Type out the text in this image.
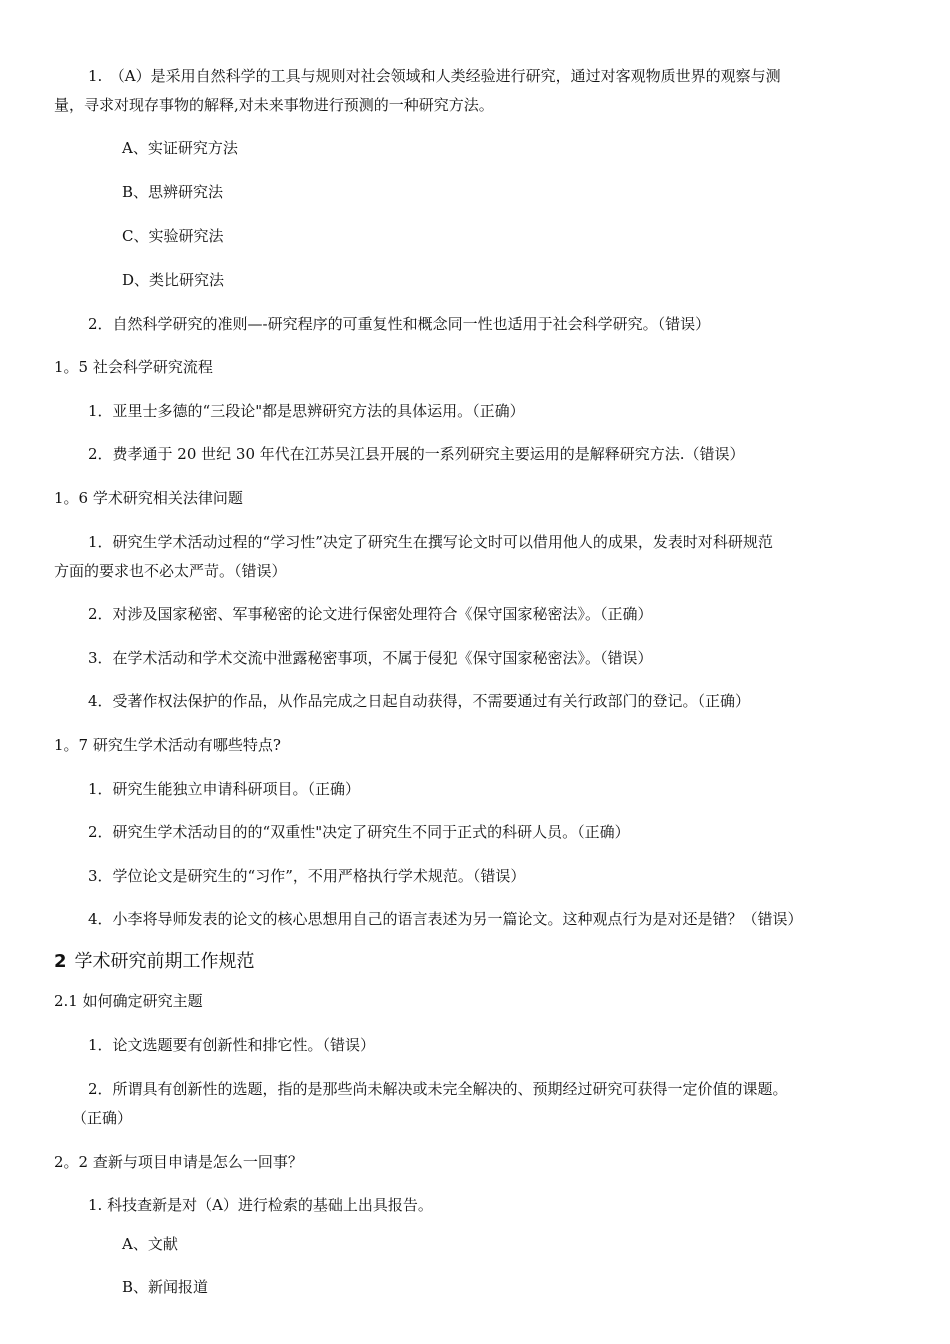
1.　（A）是采用自然科学的工具与规则对社会领域和人类经验进行研究，通过对客观物质世界的观察与测
量，寻求对现存事物的解释,对未来事物进行预测的一种研究方法。
A、实证研究方法
B、思辨研究法
C、实验研究法
D、类比研究法
2．自然科学研究的准则—-研究程序的可重复性和概念同一性也适用于社会科学研究。（错误）
1。5 社会科学研究流程
1．亚里士多德的“三段论"都是思辨研究方法的具体运用。（正确）
2．费孝通于 20 世纪 30 年代在江苏吴江县开展的一系列研究主要运用的是解释研究方法.（错误）
1。6 学术研究相关法律问题
1．研究生学术活动过程的“学习性”决定了研究生在撰写论文时可以借用他人的成果，发表时对科研规范
方面的要求也不必太严苛。（错误）
2．对涉及国家秘密、军事秘密的论文进行保密处理符合《保守国家秘密法》。（正确）
3．在学术活动和学术交流中泄露秘密事项，不属于侵犯《保守国家秘密法》。（错误）
4．受著作权法保护的作品，从作品完成之日起自动获得，不需要通过有关行政部门的登记。（正确）
1。7 研究生学术活动有哪些特点?
1．研究生能独立申请科研项目。（正确）
2．研究生学术活动目的的“双重性"决定了研究生不同于正式的科研人员。（正确）
3．学位论文是研究生的“习作”，不用严格执行学术规范。（错误）
4．小李将导师发表的论文的核心思想用自己的语言表述为另一篇论文。这种观点行为是对还是错？（错误）
2 学术研究前期工作规范
2.1 如何确定研究主题
1．论文选题要有创新性和排它性。（错误）
2．所谓具有创新性的选题，指的是那些尚未解决或未完全解决的、预期经过研究可获得一定价值的课题。
（正确）
2。2 查新与项目申请是怎么一回事？
1. 科技查新是对（A）进行检索的基础上出具报告。
A、文献
B、新闻报道
